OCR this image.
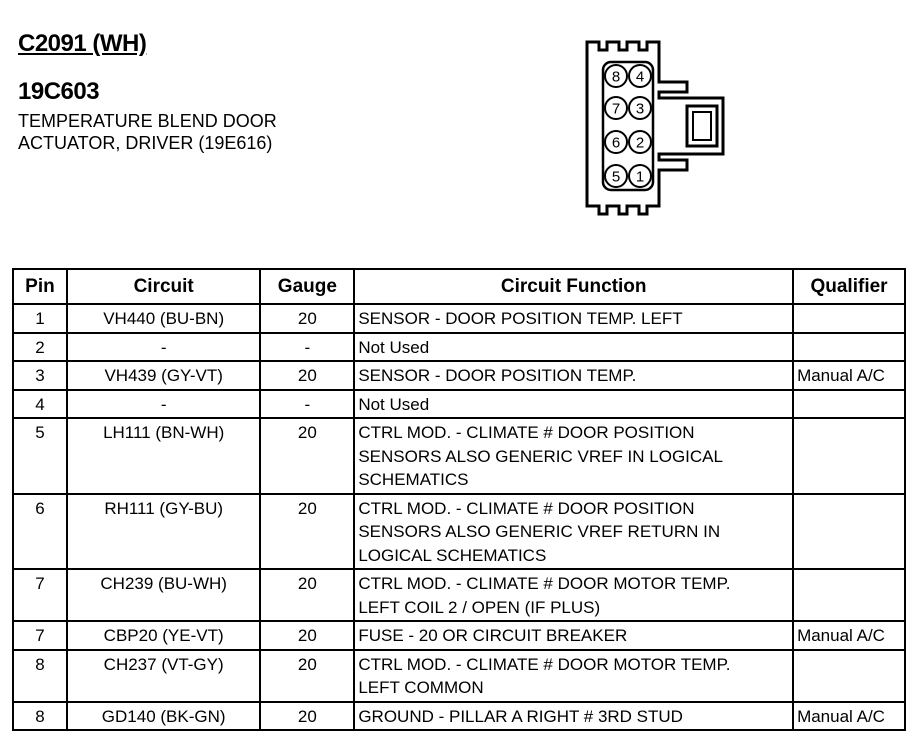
C2091 (WH)
19C603
TEMPERATURE BLEND DOOR
ACTUATOR, DRIVER (19E616)
8 4
7 3
6 2
5 1
Pin	Circuit	Gauge	Circuit Function	Qualifier
1	VH440 (BU-BN)	20	SENSOR - DOOR POSITION TEMP. LEFT	

2	-	-	Not Used	

3	VH439 (GY-VT)	20	SENSOR - DOOR POSITION TEMP.	Manual A/C
4	-	-	Not Used	

5	LH111 (BN-WH)	20	CTRL MOD. - CLIMATE # DOOR POSITION
SENSORS ALSO GENERIC VREF IN LOGICAL
SCHEMATICS	

6	RH111 (GY-BU)	20	CTRL MOD. - CLIMATE # DOOR POSITION
SENSORS ALSO GENERIC VREF RETURN IN
LOGICAL SCHEMATICS	

7	CH239 (BU-WH)	20	CTRL MOD. - CLIMATE # DOOR MOTOR TEMP.
LEFT COIL 2 / OPEN (IF PLUS)	

7	CBP20 (YE-VT)	20	FUSE - 20 OR CIRCUIT BREAKER	Manual A/C
8	CH237 (VT-GY)	20	CTRL MOD. - CLIMATE # DOOR MOTOR TEMP.
LEFT COMMON	

8	GD140 (BK-GN)	20	GROUND - PILLAR A RIGHT # 3RD STUD	Manual A/C
